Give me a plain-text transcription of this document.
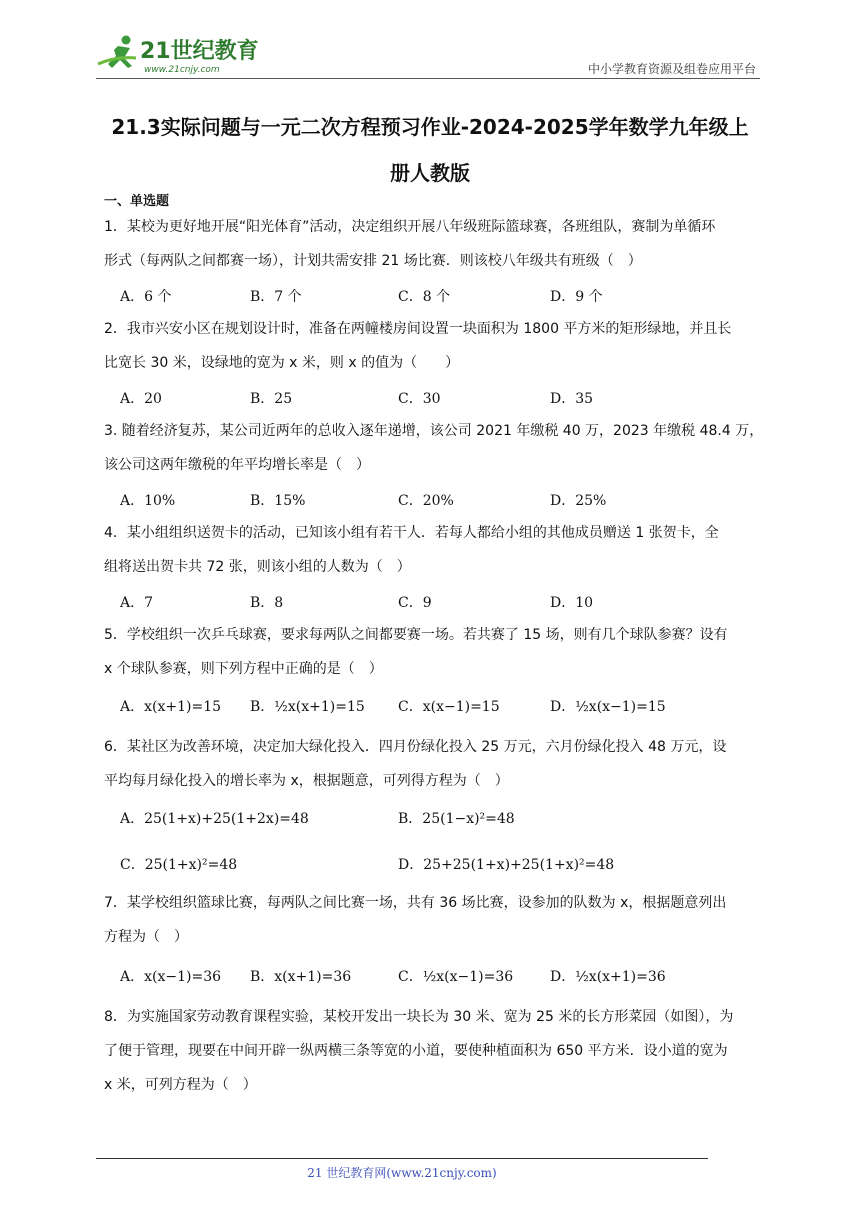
21世纪教育
www.21cnjy.com	中小学教育资源及组卷应用平台
21.3实际问题与一元二次方程预习作业-2024-2025学年数学九年级上
册人教版
一、单选题
1．某校为更好地开展“阳光体育”活动，决定组织开展八年级班际篮球赛，各班组队，赛制为单循环
形式（每两队之间都赛一场），计划共需安排 21 场比赛．则该校八年级共有班级（　）
A．6 个	B．7 个	C．8 个	D．9 个
2．我市兴安小区在规划设计时，准备在两幢楼房间设置一块面积为 1800 平方米的矩形绿地，并且长
比宽长 30 米，设绿地的宽为 x 米，则 x 的值为（　　）
A．20	B．25	C．30	D．35
3. 随着经济复苏，某公司近两年的总收入逐年递增，该公司 2021 年缴税 40 万，2023 年缴税 48.4 万，
该公司这两年缴税的年平均增长率是（　）
A．10%	B．15%	C．20%	D．25%
4．某小组组织送贺卡的活动，已知该小组有若干人．若每人都给小组的其他成员赠送 1 张贺卡，全
组将送出贺卡共 72 张，则该小组的人数为（　）
A．7	B．8	C．9	D．10
5．学校组织一次乒乓球赛，要求每两队之间都要赛一场。若共赛了 15 场，则有几个球队参赛？设有
x 个球队参赛，则下列方程中正确的是（　）
A．x(x+1)=15 B．½x(x+1)=15 C．x(x−1)=15	D．½x(x−1)=15
6．某社区为改善环境，决定加大绿化投入．四月份绿化投入 25 万元，六月份绿化投入 48 万元，设
平均每月绿化投入的增长率为 x，根据题意，可列得方程为（　）
A．25(1+x)+25(1+2x)=48	B．25(1−x)²=48
C．25(1+x)²=48	D．25+25(1+x)+25(1+x)²=48
7．某学校组织篮球比赛，每两队之间比赛一场，共有 36 场比赛，设参加的队数为 x，根据题意列出
方程为（　）
A．x(x−1)=36 B．x(x+1)=36	C．½x(x−1)=36	D．½x(x+1)=36
8．为实施国家劳动教育课程实验，某校开发出一块长为 30 米、宽为 25 米的长方形菜园（如图），为
了便于管理，现要在中间开辟一纵两横三条等宽的小道，要使种植面积为 650 平方米．设小道的宽为
x 米，可列方程为（　）
21 世纪教育网(www.21cnjy.com)
